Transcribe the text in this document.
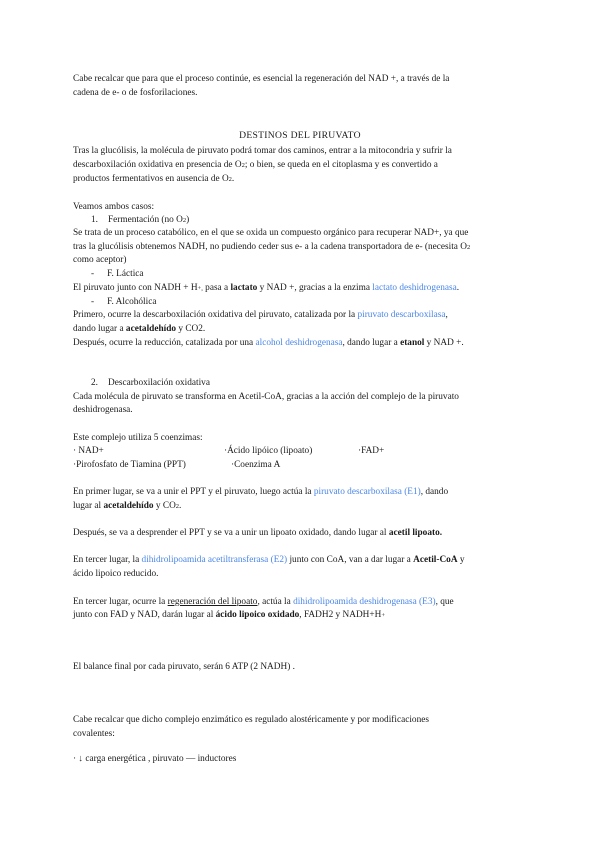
Cabe recalcar que para que el proceso continúe, es esencial la regeneración del NAD +, a través de la
cadena de e- o de fosforilaciones.
DESTINOS DEL PIRUVATO
Tras la glucólisis, la molécula de piruvato podrá tomar dos caminos, entrar a la mitocondria y sufrir la
descarboxilación oxidativa en presencia de O2; o bien, se queda en el citoplasma y es convertido a
productos fermentativos en ausencia de O2.
Veamos ambos casos:
1. Fermentación (no O2)
Se trata de un proceso catabólico, en el que se oxida un compuesto orgánico para recuperar NAD+, ya que
tras la glucólisis obtenemos NADH, no pudiendo ceder sus e- a la cadena transportadora de e- (necesita O2
como aceptor)
- F. Láctica
El piruvato junto con NADH + H+, pasa a lactato y NAD +, gracias a la enzima lactato deshidrogenasa.
- F. Alcohólica
Primero, ocurre la descarboxilación oxidativa del piruvato, catalizada por la piruvato descarboxilasa,
dando lugar a acetaldehído y CO2.
Después, ocurre la reducción, catalizada por una alcohol deshidrogenasa, dando lugar a etanol y NAD +.
2. Descarboxilación oxidativa
Cada molécula de piruvato se transforma en Acetil-CoA, gracias a la acción del complejo de la piruvato
deshidrogenasa.
Este complejo utiliza 5 coenzimas:
· NAD+	·Ácido lipóico (lipoato)	·FAD+
·Pirofosfato de Tiamina (PPT)	·Coenzima A
En primer lugar, se va a unir el PPT y el piruvato, luego actúa la piruvato descarboxilasa (E1), dando
lugar al acetaldehído y CO2.
Después, se va a desprender el PPT y se va a unir un lipoato oxidado, dando lugar al acetil lipoato.
En tercer lugar, la dihidrolipoamida acetiltransferasa (E2) junto con CoA, van a dar lugar a Acetil-CoA y
ácido lipoico reducido.
En tercer lugar, ocurre la regeneración del lipoato, actúa la dihidrolipoamida deshidrogenasa (E3), que
junto con FAD y NAD, darán lugar al ácido lipoico oxidado, FADH2 y NADH+H+
El balance final por cada piruvato, serán 6 ATP (2 NADH) .
Cabe recalcar que dicho complejo enzimático es regulado alostéricamente y por modificaciones
covalentes:
· ↓ carga energética , piruvato — inductores
